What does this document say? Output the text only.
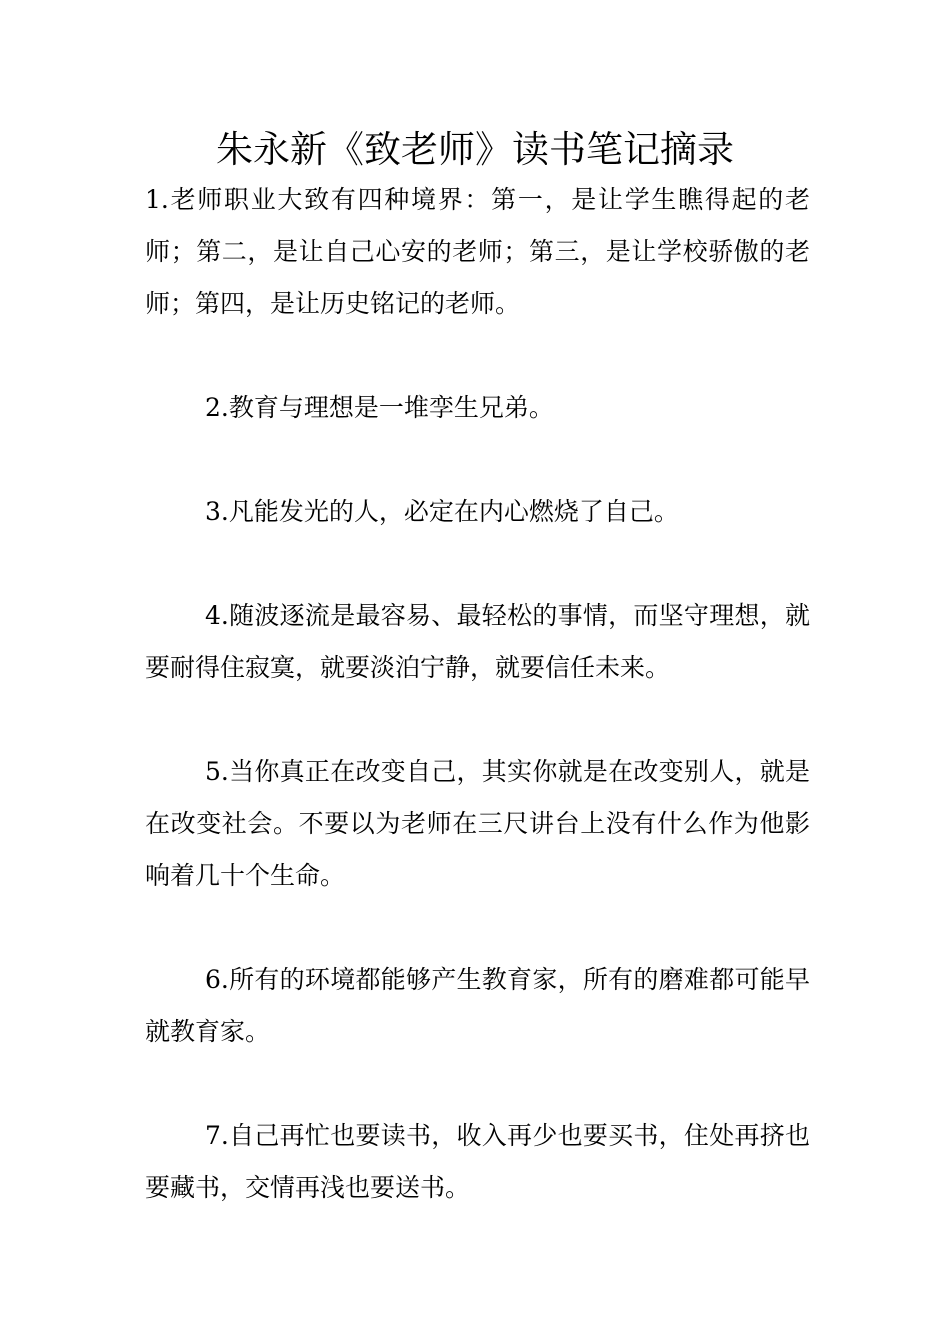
朱永新《致老师》读书笔记摘录

1.老师职业大致有四种境界：第一，是让学生瞧得起的老师；第二，是让自己心安的老师；第三，是让学校骄傲的老师；第四，是让历史铭记的老师。

2.教育与理想是一堆孪生兄弟。

3.凡能发光的人，必定在内心燃烧了自己。

4.随波逐流是最容易、最轻松的事情，而坚守理想，就要耐得住寂寞，就要淡泊宁静，就要信任未来。

5.当你真正在改变自己，其实你就是在改变别人，就是在改变社会。不要以为老师在三尺讲台上没有什么作为他影响着几十个生命。

6.所有的环境都能够产生教育家，所有的磨难都可能早就教育家。

7.自己再忙也要读书，收入再少也要买书，住处再挤也要藏书，交情再浅也要送书。
